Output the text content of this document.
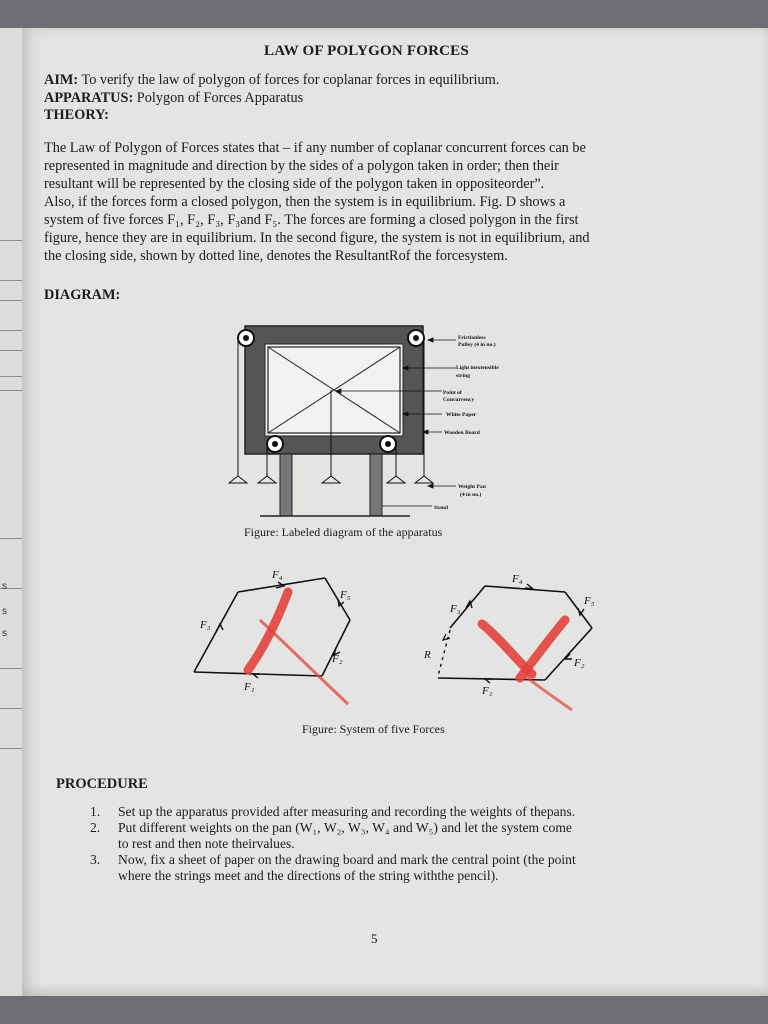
s
s
s
LAW OF POLYGON FORCES
AIM: To verify the law of polygon of forces for coplanar forces in equilibrium.
APPARATUS: Polygon of Forces Apparatus
THEORY:

The Law of Polygon of Forces states that – if any number of coplanar concurrent forces can be

represented in magnitude and direction by the sides of a polygon taken in order; then their

resultant will be represented by the closing side of the polygon taken in oppositeorder”.

Also, if the forces form a closed polygon, then the system is in equilibrium. Fig. D shows a

system of five forces F₁, F₂, F₃, F₃and F₅. The forces are forming a closed polygon in the first

figure, hence they are in equilibrium. In the second figure, the system is not in equilibrium, and

the closing side, shown by dotted line, denotes the ResultantRof the forcesystem.

DIAGRAM:
Frictionless
Pulley (4 in no.)
Light inextensible
string
Point of
Concurrency
White Paper
Wooden Board
Weight Pan
(4 in no.)
Stand
Figure: Labeled diagram of the apparatus
F₄
F₃
F₅
F₂
F₁
F₄
F₅
F₃
F₂
F₁
R
Figure: System of five Forces
PROCEDURE
1.	Set up the apparatus provided after measuring and recording the weights of thepans.
2.	Put different weights on the pan (W₁, W₂, W₃, W₄ and W₅) and let the system come
to rest and then note theirvalues.
3.	Now, fix a sheet of paper on the drawing board and mark the central point (the point
where the strings meet and the directions of the string withthe pencil).
5
